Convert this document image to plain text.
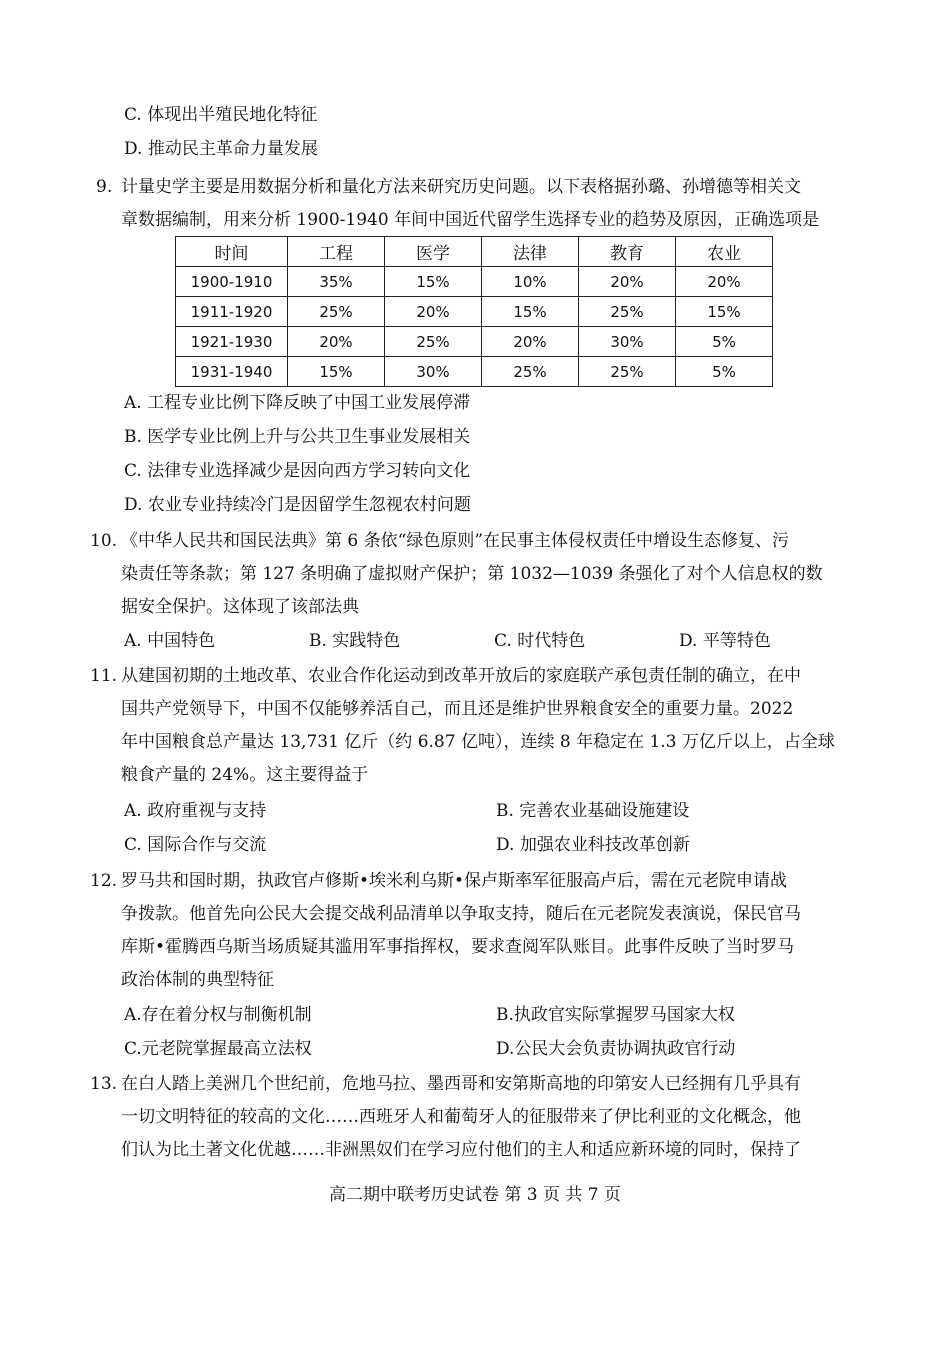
C. 体现出半殖民地化特征
D. 推动民主革命力量发展
9. 计量史学主要是用数据分析和量化方法来研究历史问题。以下表格据孙璐、孙增德等相关文
章数据编制，用来分析 1900-1940 年间中国近代留学生选择专业的趋势及原因，正确选项是
时间	工程	医学	法律	教育	农业
1900-1910	35%	15%	10%	20%	20%
1911-1920	25%	20%	15%	25%	15%
1921-1930	20%	25%	20%	30%	5%
1931-1940	15%	30%	25%	25%	5%
A. 工程专业比例下降反映了中国工业发展停滞
B. 医学专业比例上升与公共卫生事业发展相关
C. 法律专业选择减少是因向西方学习转向文化
D. 农业专业持续冷门是因留学生忽视农村问题
10. 《中华人民共和国民法典》第 6 条依“绿色原则”在民事主体侵权责任中增设生态修复、污
染责任等条款；第 127 条明确了虚拟财产保护；第 1032—1039 条强化了对个人信息权的数
据安全保护。这体现了该部法典
A. 中国特色	B. 实践特色	C. 时代特色	D. 平等特色
11. 从建国初期的土地改革、农业合作化运动到改革开放后的家庭联产承包责任制的确立，在中
国共产党领导下，中国不仅能够养活自己，而且还是维护世界粮食安全的重要力量。2022
年中国粮食总产量达 13,731 亿斤（约 6.87 亿吨），连续 8 年稳定在 1.3 万亿斤以上，占全球
粮食产量的 24%。这主要得益于
A. 政府重视与支持	B. 完善农业基础设施建设
C. 国际合作与交流	D. 加强农业科技改革创新
12. 罗马共和国时期，执政官卢修斯•埃米利乌斯•保卢斯率军征服高卢后，需在元老院申请战
争拨款。他首先向公民大会提交战利品清单以争取支持，随后在元老院发表演说，保民官马
库斯•霍腾西乌斯当场质疑其滥用军事指挥权，要求查阅军队账目。此事件反映了当时罗马
政治体制的典型特征
A.存在着分权与制衡机制	B.执政官实际掌握罗马国家大权
C.元老院掌握最高立法权	D.公民大会负责协调执政官行动
13. 在白人踏上美洲几个世纪前，危地马拉、墨西哥和安第斯高地的印第安人已经拥有几乎具有
一切文明特征的较高的文化……西班牙人和葡萄牙人的征服带来了伊比利亚的文化概念，他
们认为比土著文化优越……非洲黑奴们在学习应付他们的主人和适应新环境的同时，保持了
高二期中联考历史试卷 第 3 页 共 7 页
